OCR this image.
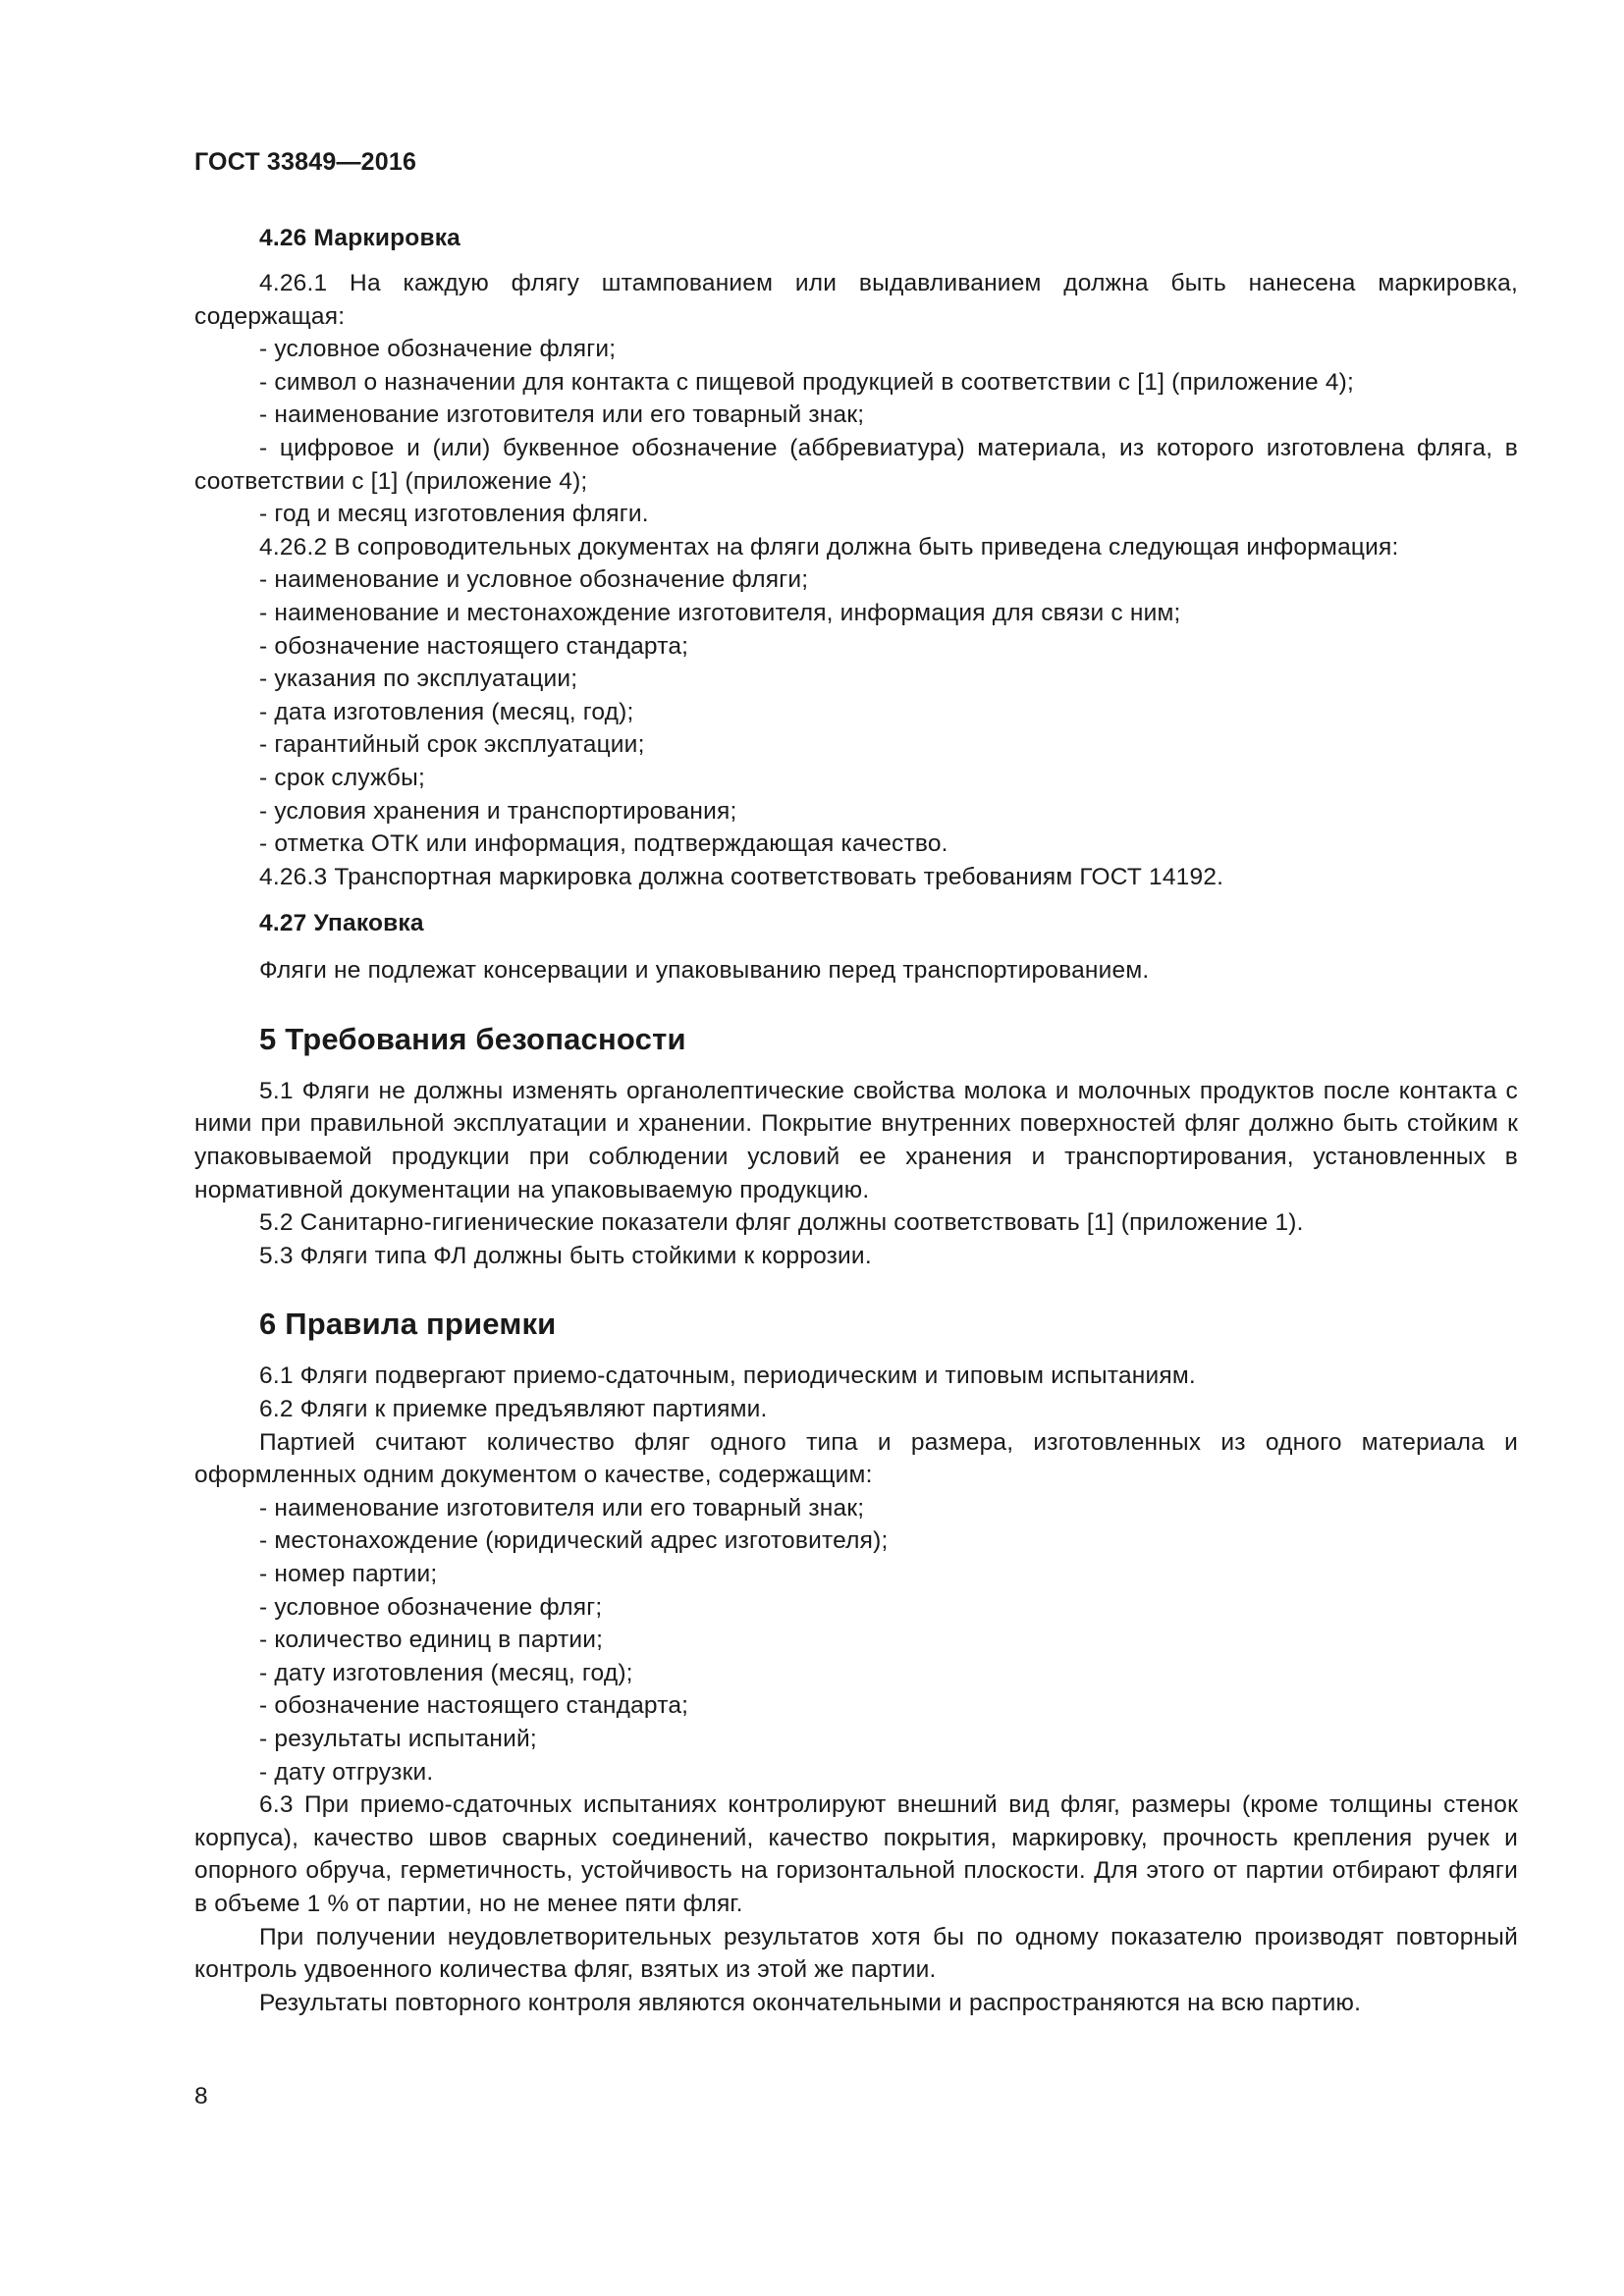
ГОСТ 33849—2016

4.26 Маркировка

4.26.1 На каждую флягу штампованием или выдавливанием должна быть нанесена маркировка, содержащая:

- условное обозначение фляги;

- символ о назначении для контакта с пищевой продукцией в соответствии с [1] (приложение 4);

- наименование изготовителя или его товарный знак;

- цифровое и (или) буквенное обозначение (аббревиатура) материала, из которого изготовлена фляга, в соответствии с [1] (приложение 4);

- год и месяц изготовления фляги.

4.26.2 В сопроводительных документах на фляги должна быть приведена следующая информация:

- наименование и условное обозначение фляги;

- наименование и местонахождение изготовителя, информация для связи с ним;

- обозначение настоящего стандарта;

- указания по эксплуатации;

- дата изготовления (месяц, год);

- гарантийный срок эксплуатации;

- срок службы;

- условия хранения и транспортирования;

- отметка ОТК или информация, подтверждающая качество.

4.26.3 Транспортная маркировка должна соответствовать требованиям ГОСТ 14192.

4.27 Упаковка

Фляги не подлежат консервации и упаковыванию перед транспортированием.

5 Требования безопасности

5.1 Фляги не должны изменять органолептические свойства молока и молочных продуктов после контакта с ними при правильной эксплуатации и хранении. Покрытие внутренних поверхностей фляг должно быть стойким к упаковываемой продукции при соблюдении условий ее хранения и транспортирования, установленных в нормативной документации на упаковываемую продукцию.

5.2 Санитарно-гигиенические показатели фляг должны соответствовать [1] (приложение 1).

5.3 Фляги типа ФЛ должны быть стойкими к коррозии.

6 Правила приемки

6.1 Фляги подвергают приемо-сдаточным, периодическим и типовым испытаниям.

6.2 Фляги к приемке предъявляют партиями.

Партией считают количество фляг одного типа и размера, изготовленных из одного материала и оформленных одним документом о качестве, содержащим:

- наименование изготовителя или его товарный знак;

- местонахождение (юридический адрес изготовителя);

- номер партии;

- условное обозначение фляг;

- количество единиц в партии;

- дату изготовления (месяц, год);

- обозначение настоящего стандарта;

- результаты испытаний;

- дату отгрузки.

6.3 При приемо-сдаточных испытаниях контролируют внешний вид фляг, размеры (кроме толщины стенок корпуса), качество швов сварных соединений, качество покрытия, маркировку, прочность крепления ручек и опорного обруча, герметичность, устойчивость на горизонтальной плоскости. Для этого от партии отбирают фляги в объеме 1 % от партии, но не менее пяти фляг.

При получении неудовлетворительных результатов хотя бы по одному показателю производят повторный контроль удвоенного количества фляг, взятых из этой же партии.

Результаты повторного контроля являются окончательными и распространяются на всю партию.

8
